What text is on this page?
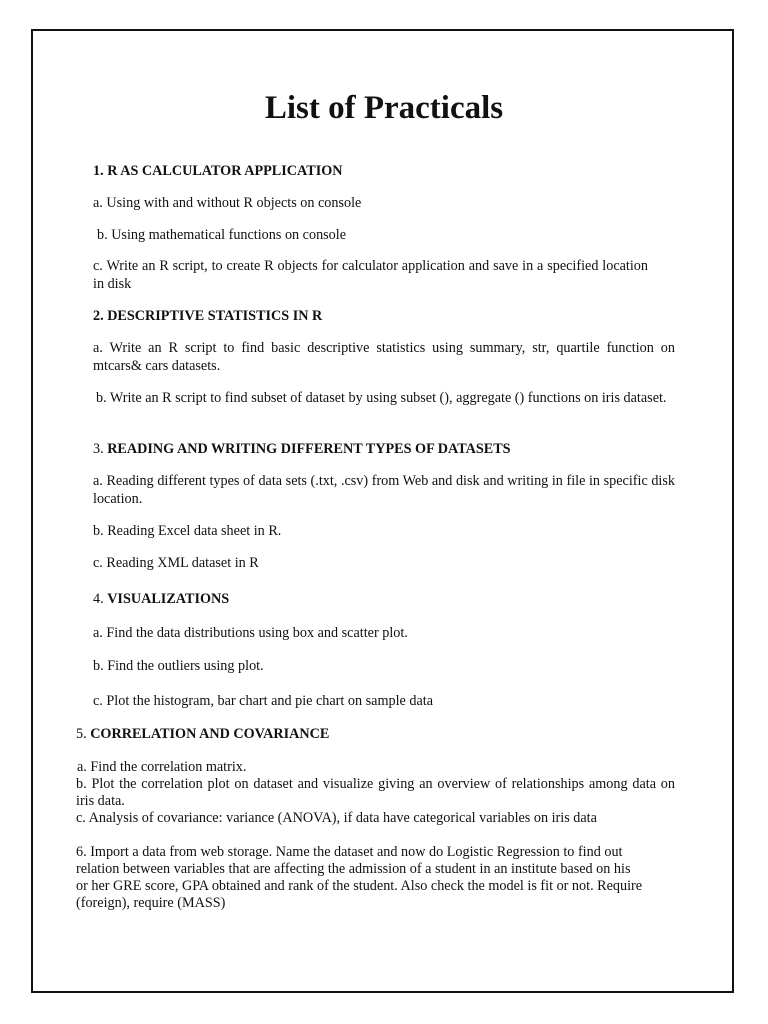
List of Practicals
1. R AS CALCULATOR APPLICATION
a. Using with and without R objects on console
b. Using mathematical functions on console
c. Write an R script, to create R objects for calculator application and save in a specified location in disk
2. DESCRIPTIVE STATISTICS IN R
a. Write an R script to find basic descriptive statistics using summary, str, quartile function on mtcars& cars datasets.
b. Write an R script to find subset of dataset by using subset (), aggregate () functions on iris dataset.
3. READING AND WRITING DIFFERENT TYPES OF DATASETS
a. Reading different types of data sets (.txt, .csv) from Web and disk and writing in file in specific disk location.
b. Reading Excel data sheet in R.
c. Reading XML dataset in R
4. VISUALIZATIONS
a. Find the data distributions using box and scatter plot.
b. Find the outliers using plot.
c. Plot the histogram, bar chart and pie chart on sample data
5. CORRELATION AND COVARIANCE
a. Find the correlation matrix.
b. Plot the correlation plot on dataset and visualize giving an overview of relationships among data on iris data.
c. Analysis of covariance: variance (ANOVA), if data have categorical variables on iris data
6. Import a data from web storage. Name the dataset and now do Logistic Regression to find out
relation between variables that are affecting the admission of a student in an institute based on his
or her GRE score, GPA obtained and rank of the student. Also check the model is fit or not. Require
(foreign), require (MASS)
